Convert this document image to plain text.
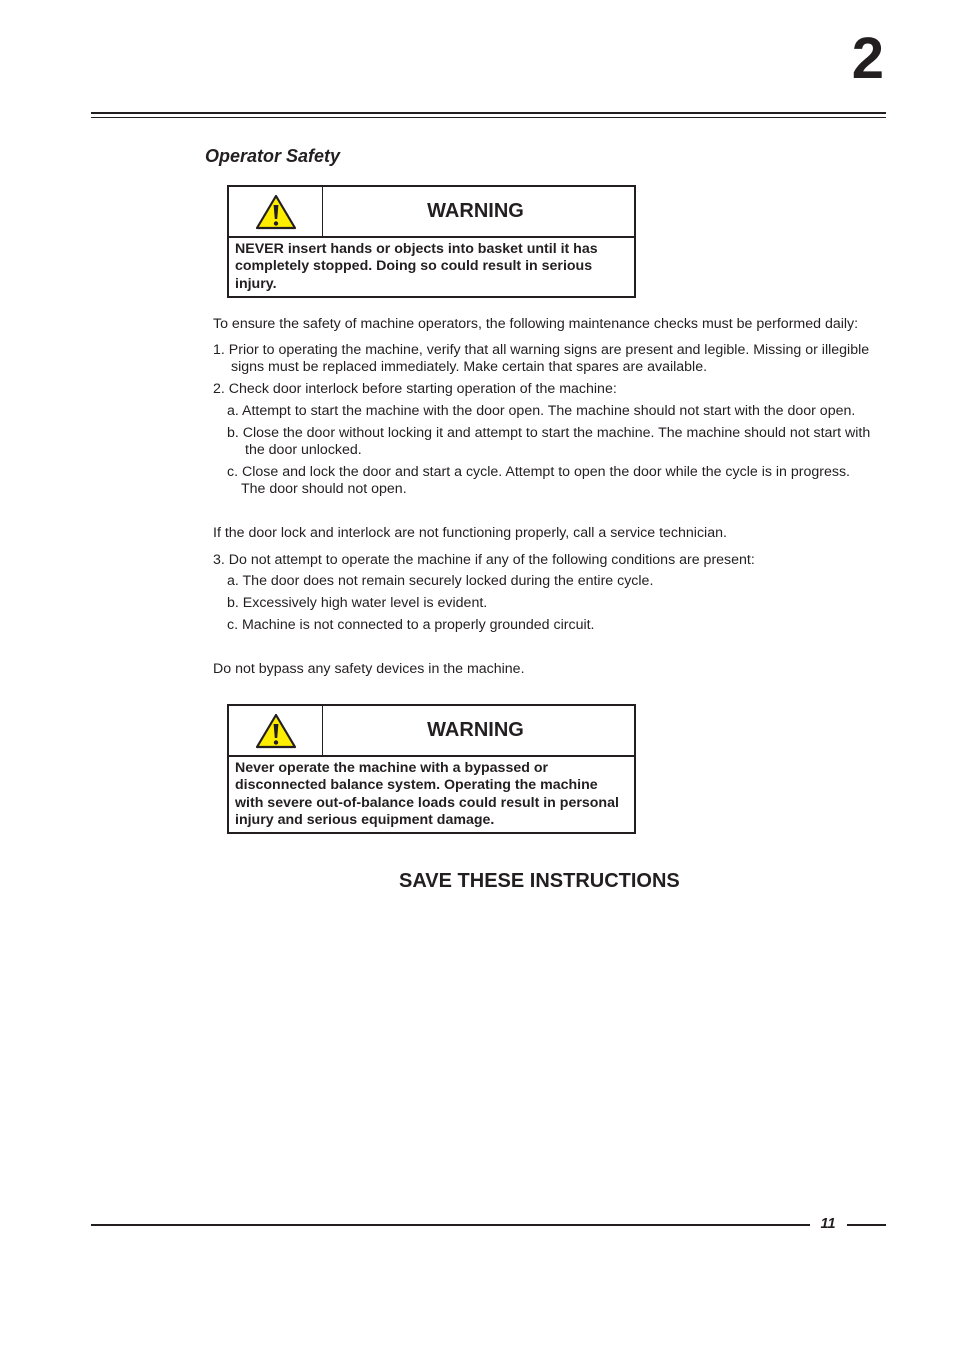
2
Operator Safety
WARNING
NEVER insert hands or objects into basket until it has completely stopped. Doing so could result in serious injury.
To ensure the safety of machine operators, the following maintenance checks must be performed daily:
1. Prior to operating the machine, verify that all warning signs are present and legible. Missing or illegible
signs must be replaced immediately. Make certain that spares are available.
2. Check door interlock before starting operation of the machine:
a. Attempt to start the machine with the door open. The machine should not start with the door open.
b. Close the door without locking it and attempt to start the machine. The machine should not start with
the door unlocked.
c. Close and lock the door and start a cycle. Attempt to open the door while the cycle is in progress.
The door should not open.
If the door lock and interlock are not functioning properly, call a service technician.
3. Do not attempt to operate the machine if any of the following conditions are present:
a. The door does not remain securely locked during the entire cycle.
b. Excessively high water level is evident.
c. Machine is not connected to a properly grounded circuit.
Do not bypass any safety devices in the machine.
WARNING
Never operate the machine with a bypassed or disconnected balance system. Operating the machine with severe out-of-balance loads could result in personal injury and serious equipment damage.
SAVE THESE INSTRUCTIONS
11
